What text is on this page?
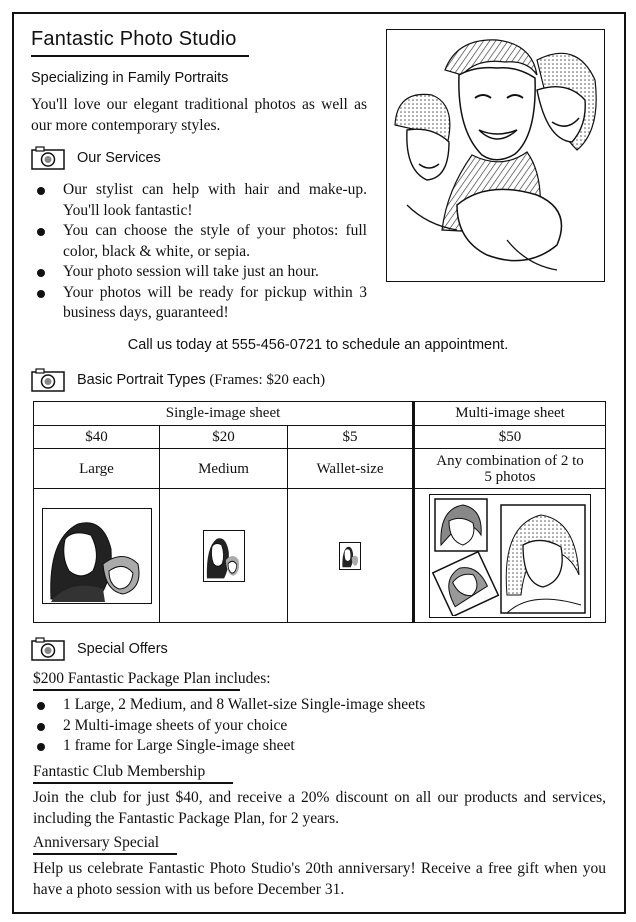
Fantastic Photo Studio
Specializing in Family Portraits
You'll love our elegant traditional photos as well as our more contemporary styles.
Our Services
Our stylist can help with hair and make-up. You'll look fantastic!
You can choose the style of your photos: full color, black & white, or sepia.
Your photo session will take just an hour.
Your photos will be ready for pickup within 3 business days, guaranteed!
Call us today at 555-456-0721 to schedule an appointment.
Basic Portrait Types (Frames: $20 each)
Single-image sheet			Multi-image sheet
$40	$20	$5	$50
Large	Medium	Wallet-size	Any combination of 2 to 5 photos

Special Offers
$200 Fantastic Package Plan includes:
1 Large, 2 Medium, and 8 Wallet-size Single-image sheets
2 Multi-image sheets of your choice
1 frame for Large Single-image sheet
Fantastic Club Membership
Join the club for just $40, and receive a 20% discount on all our products and services, including the Fantastic Package Plan, for 2 years.
Anniversary Special
Help us celebrate Fantastic Photo Studio's 20th anniversary! Receive a free gift when you have a photo session with us before December 31.
